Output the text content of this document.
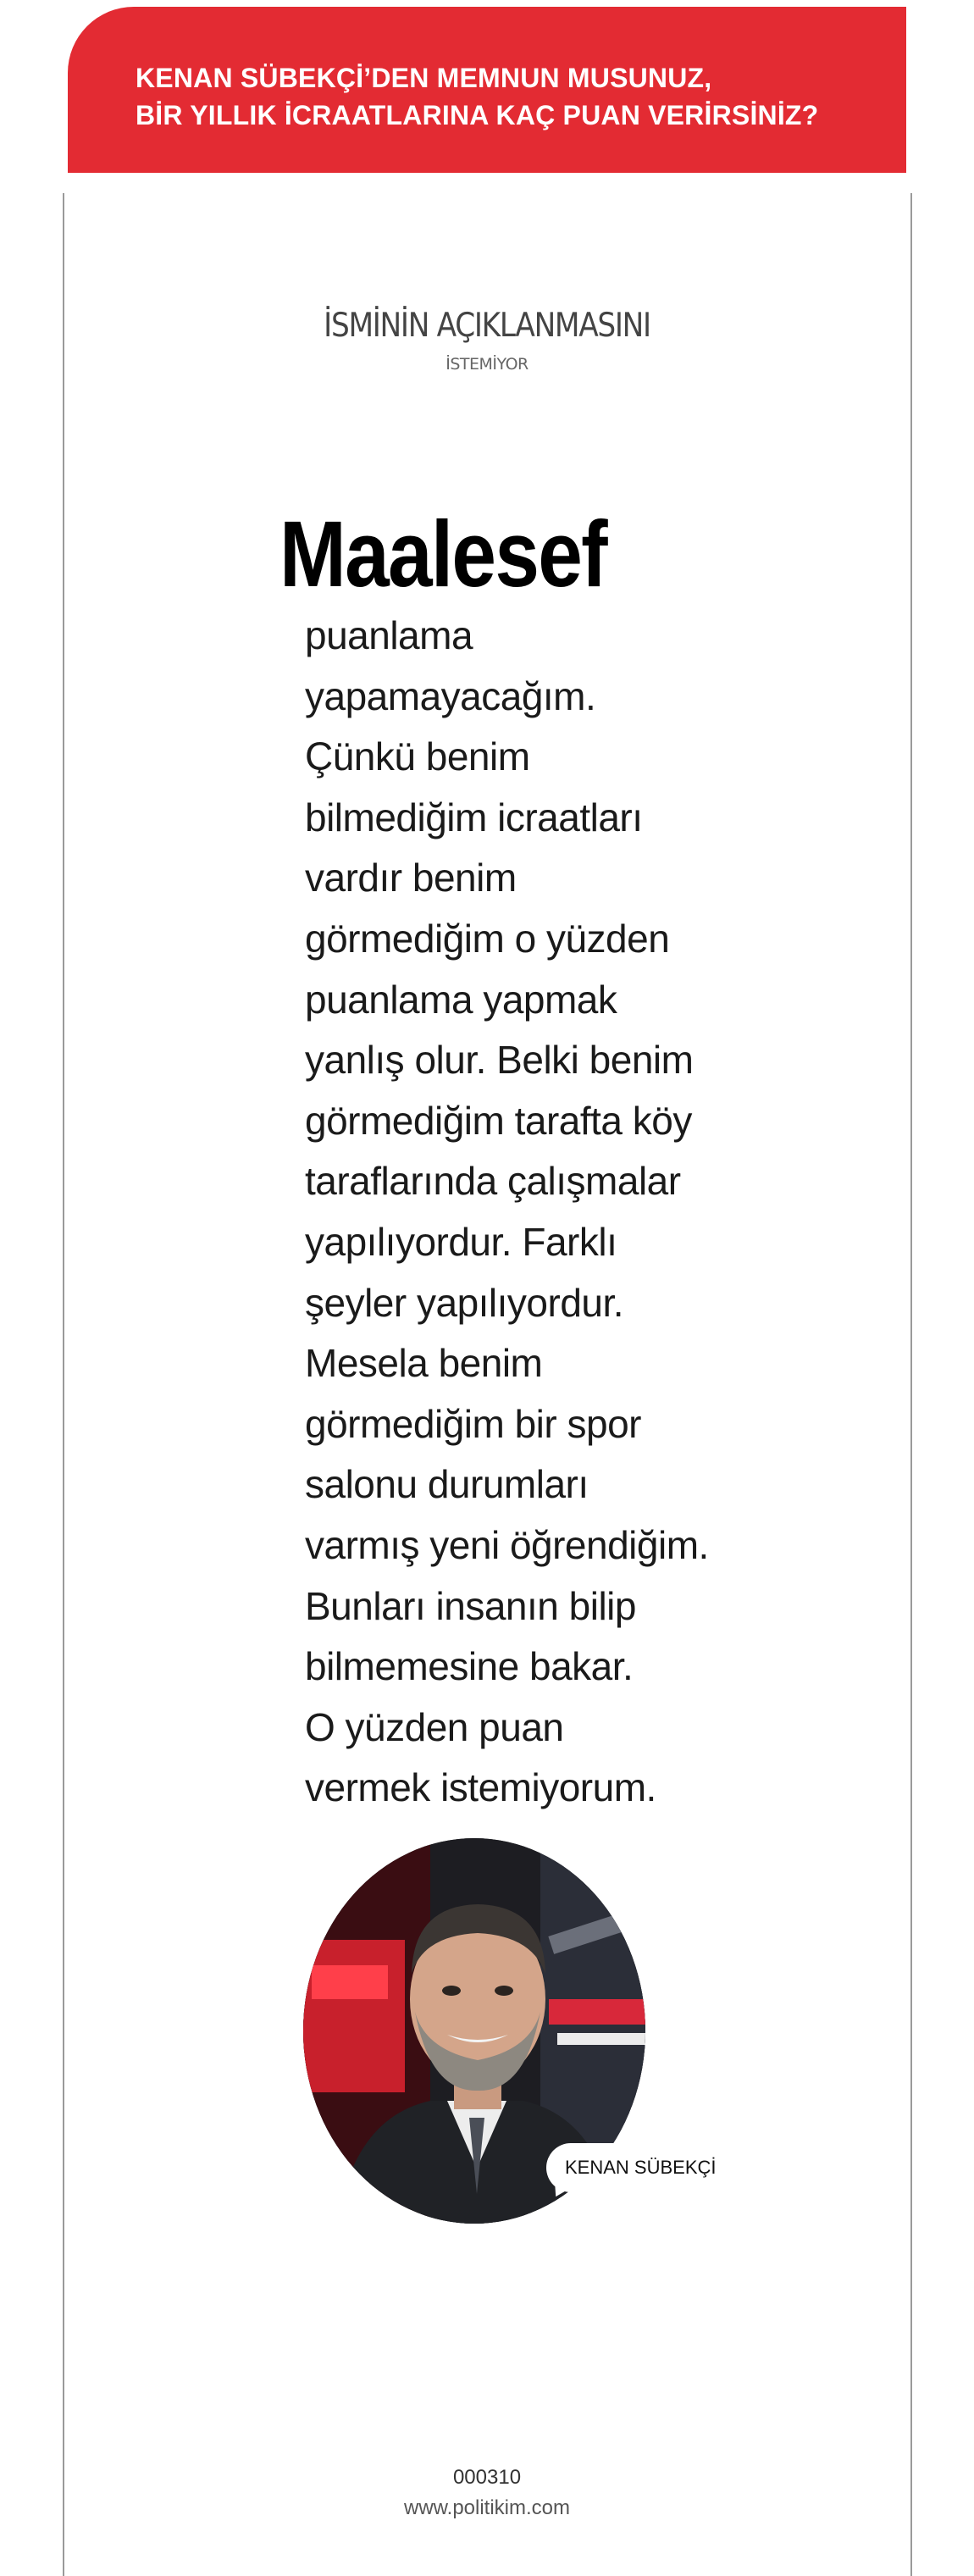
KENAN SÜBEKÇİ’DEN MEMNUN MUSUNUZ,
BİR YILLIK İCRAATLARINA KAÇ PUAN VERİRSİNİZ?
İSMİNİN AÇIKLANMASINI
İSTEMİYOR
Maalesef
puanlama
yapamayacağım.
Çünkü benim
bilmediğim icraatları
vardır benim
görmediğim o yüzden
puanlama yapmak
yanlış olur. Belki benim
görmediğim tarafta köy
taraflarında çalışmalar
yapılıyordur. Farklı
şeyler yapılıyordur.
Mesela benim
görmediğim bir spor
salonu durumları
varmış yeni öğrendiğim.
Bunları insanın bilip
bilmemesine bakar.
O yüzden puan
vermek istemiyorum.
KENAN SÜBEKÇİ
000310
www.politikim.com
